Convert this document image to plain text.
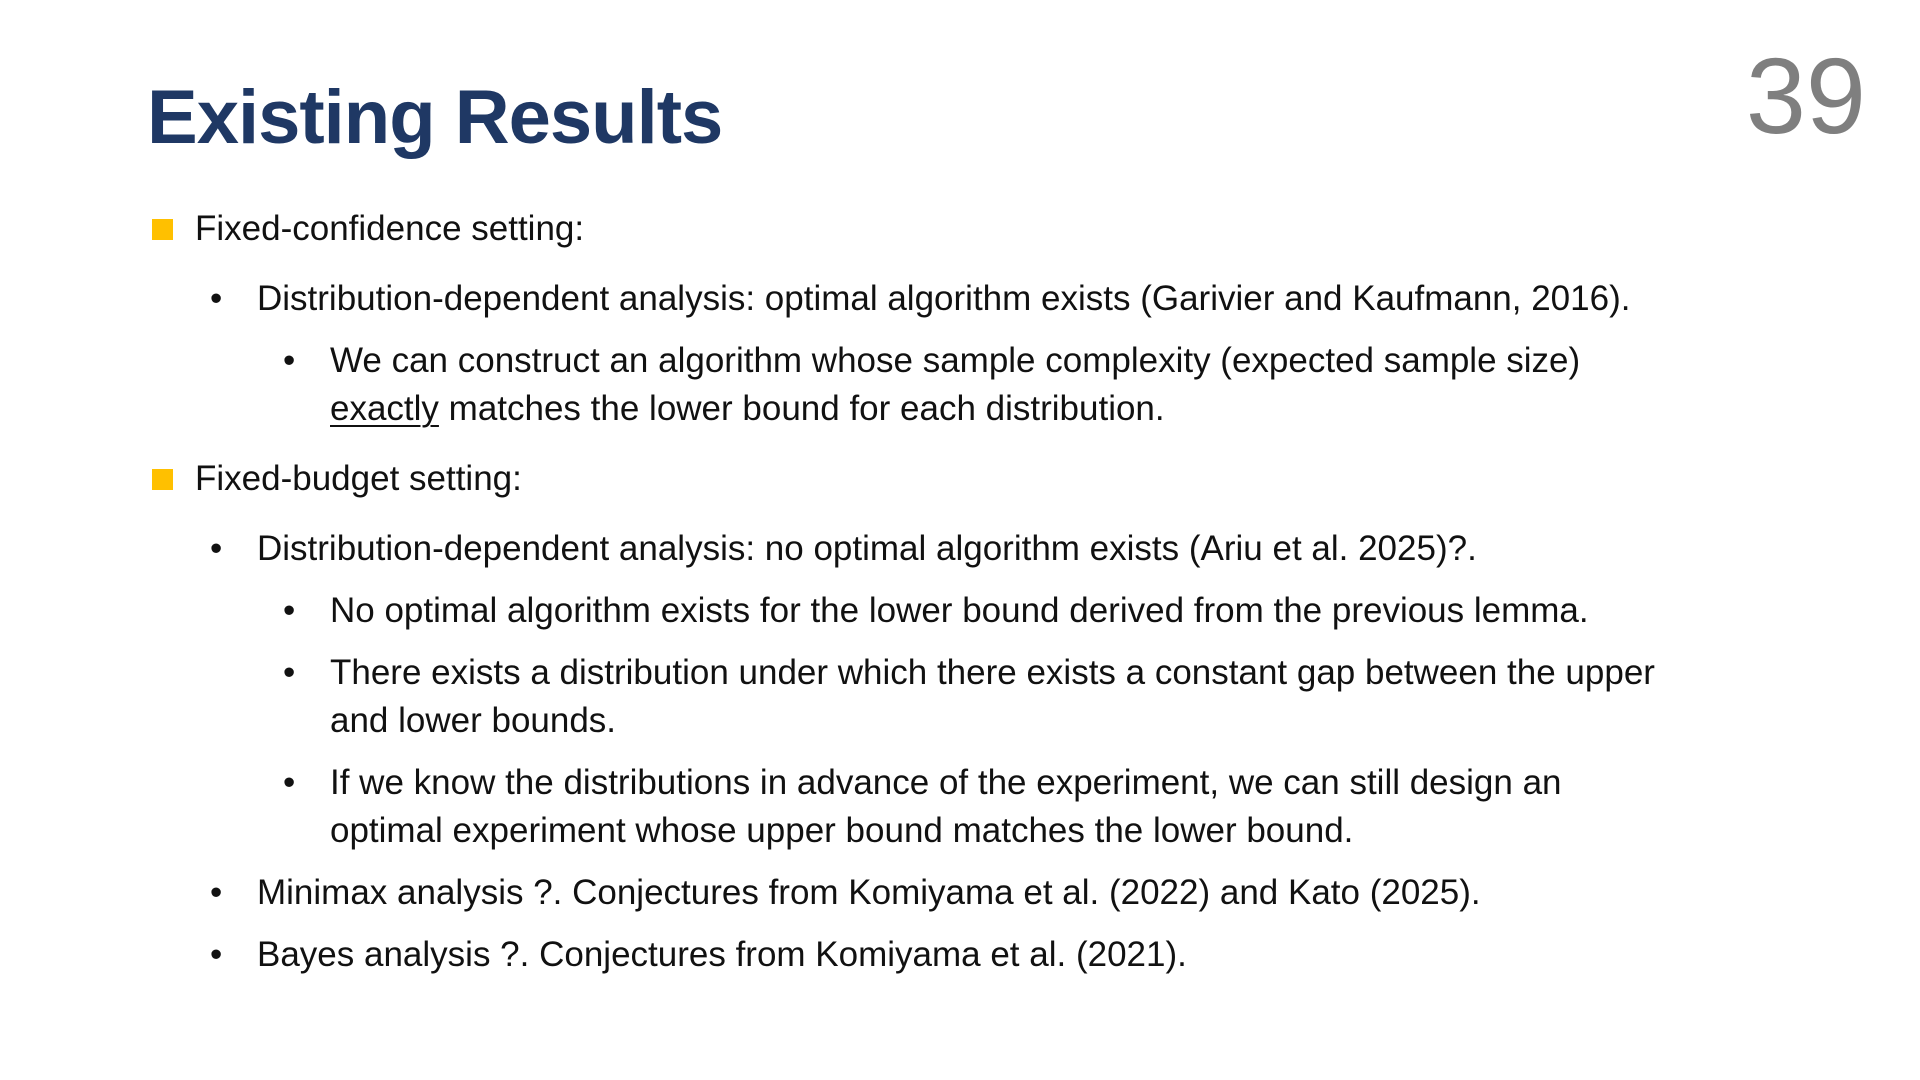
Existing Results	39
Fixed-confidence setting:
• Distribution-dependent analysis: optimal algorithm exists (Garivier and Kaufmann, 2016).
• We can construct an algorithm whose sample complexity (expected sample size)
exactly matches the lower bound for each distribution.
Fixed-budget setting:
• Distribution-dependent analysis: no optimal algorithm exists (Ariu et al. 2025)?.
• No optimal algorithm exists for the lower bound derived from the previous lemma.
• There exists a distribution under which there exists a constant gap between the upper
and lower bounds.
• If we know the distributions in advance of the experiment, we can still design an
optimal experiment whose upper bound matches the lower bound.
• Minimax analysis ?. Conjectures from Komiyama et al. (2022) and Kato (2025).
• Bayes analysis ?. Conjectures from Komiyama et al. (2021).
